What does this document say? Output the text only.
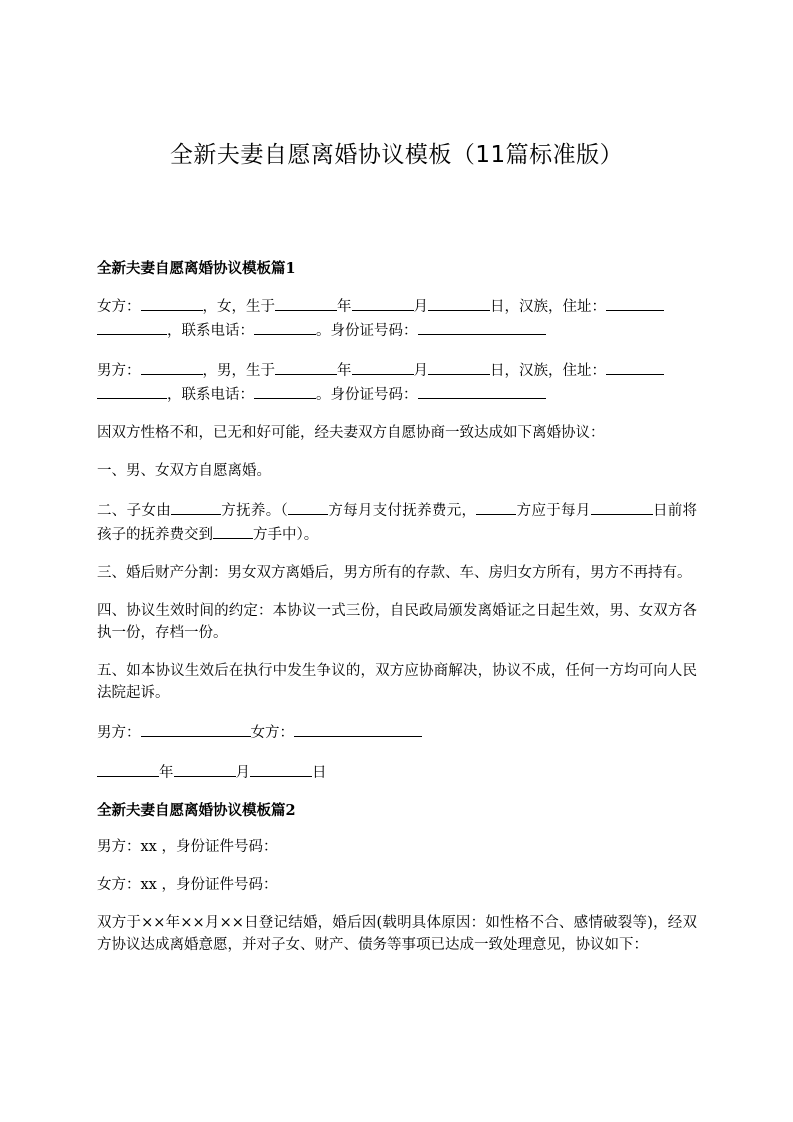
全新夫妻自愿离婚协议模板（11篇标准版）
全新夫妻自愿离婚协议模板篇1

女方：	，女，生于	年	月	日，汉族，住址：
，联系电话：	。身份证号码：

男方：	，男，生于	年	月	日，汉族，住址：
，联系电话：	。身份证号码：

因双方性格不和，已无和好可能，经夫妻双方自愿协商一致达成如下离婚协议：

一、男、女双方自愿离婚。

二、子女由	方抚养。（	方每月支付抚养费元，	方应于每月	日前将孩子的抚养费交到	方手中）。

三、婚后财产分割：男女双方离婚后，男方所有的存款、车、房归女方所有，男方不再持有。

四、协议生效时间的约定：本协议一式三份，自民政局颁发离婚证之日起生效，男、女双方各执一份，存档一份。

五、如本协议生效后在执行中发生争议的，双方应协商解决，协议不成，任何一方均可向人民法院起诉。

男方：	女方：

年	月	日

全新夫妻自愿离婚协议模板篇2

男方：xx ，身份证件号码：

女方：xx ，身份证件号码：

双方于××年××月××日登记结婚，婚后因(载明具体原因：如性格不合、感情破裂等)，经双方协议达成离婚意愿，并对子女、财产、债务等事项已达成一致处理意见，协议如下：
